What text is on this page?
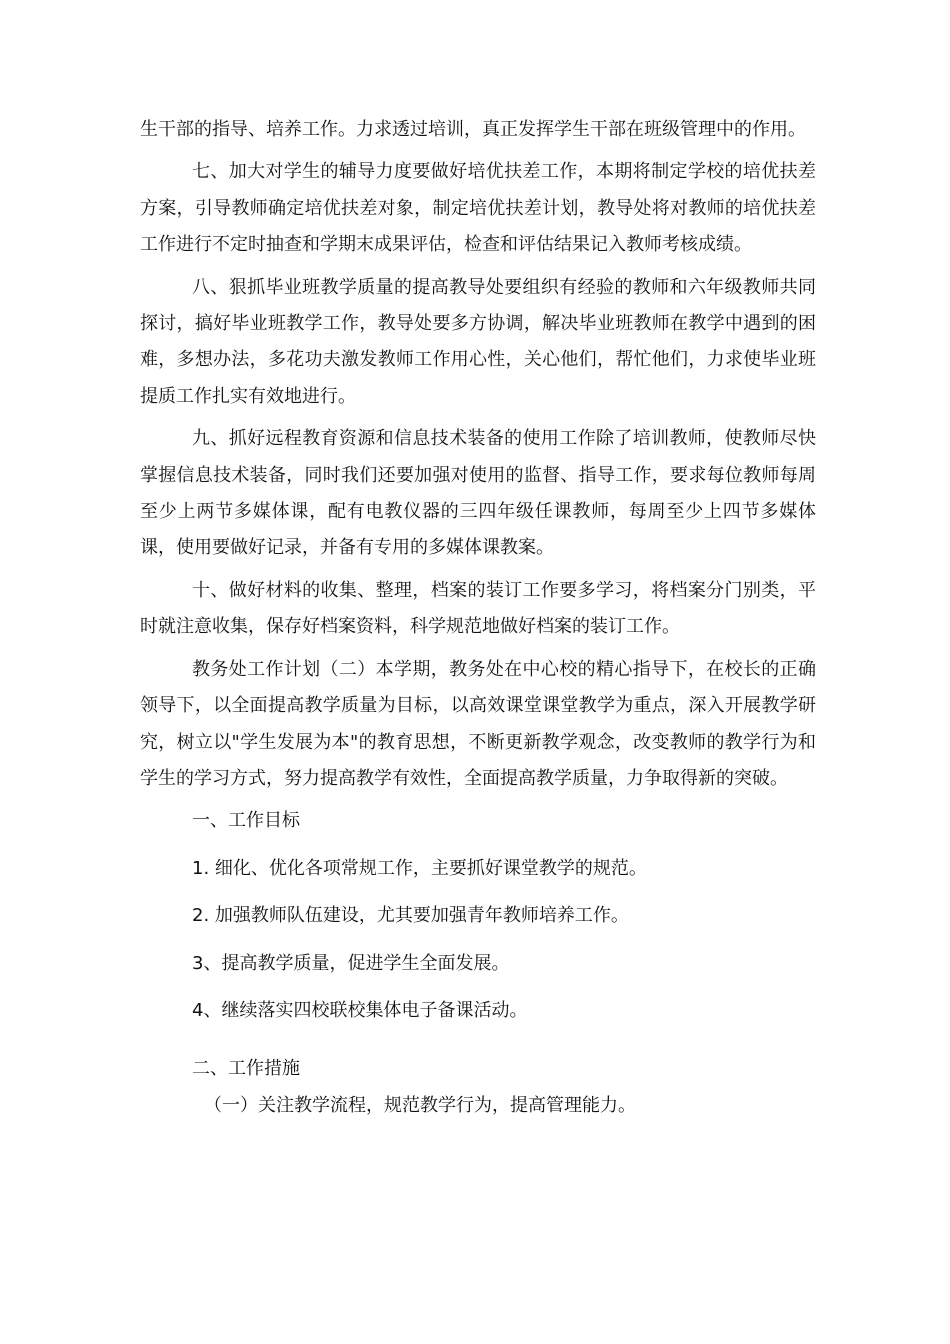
生干部的指导、培养工作。力求透过培训，真正发挥学生干部在班级管理中的作用。

七、加大对学生的辅导力度要做好培优扶差工作，本期将制定学校的培优扶差方案，引导教师确定培优扶差对象，制定培优扶差计划，教导处将对教师的培优扶差工作进行不定时抽查和学期末成果评估，检查和评估结果记入教师考核成绩。

八、狠抓毕业班教学质量的提高教导处要组织有经验的教师和六年级教师共同探讨，搞好毕业班教学工作，教导处要多方协调，解决毕业班教师在教学中遇到的困难，多想办法，多花功夫激发教师工作用心性，关心他们，帮忙他们，力求使毕业班提质工作扎实有效地进行。

九、抓好远程教育资源和信息技术装备的使用工作除了培训教师，使教师尽快掌握信息技术装备，同时我们还要加强对使用的监督、指导工作，要求每位教师每周至少上两节多媒体课，配有电教仪器的三四年级任课教师，每周至少上四节多媒体课，使用要做好记录，并备有专用的多媒体课教案。

十、做好材料的收集、整理，档案的装订工作要多学习，将档案分门别类，平时就注意收集，保存好档案资料，科学规范地做好档案的装订工作。

教务处工作计划（二）本学期，教务处在中心校的精心指导下，在校长的正确领导下，以全面提高教学质量为目标，以高效课堂课堂教学为重点，深入开展教学研究，树立以"学生发展为本"的教育思想，不断更新教学观念，改变教师的教学行为和学生的学习方式，努力提高教学有效性，全面提高教学质量，力争取得新的突破。

一、工作目标

1. 细化、优化各项常规工作，主要抓好课堂教学的规范。

2. 加强教师队伍建设，尤其要加强青年教师培养工作。

3、提高教学质量，促进学生全面发展。

4、继续落实四校联校集体电子备课活动。

二、工作措施

（一）关注教学流程，规范教学行为，提高管理能力。
